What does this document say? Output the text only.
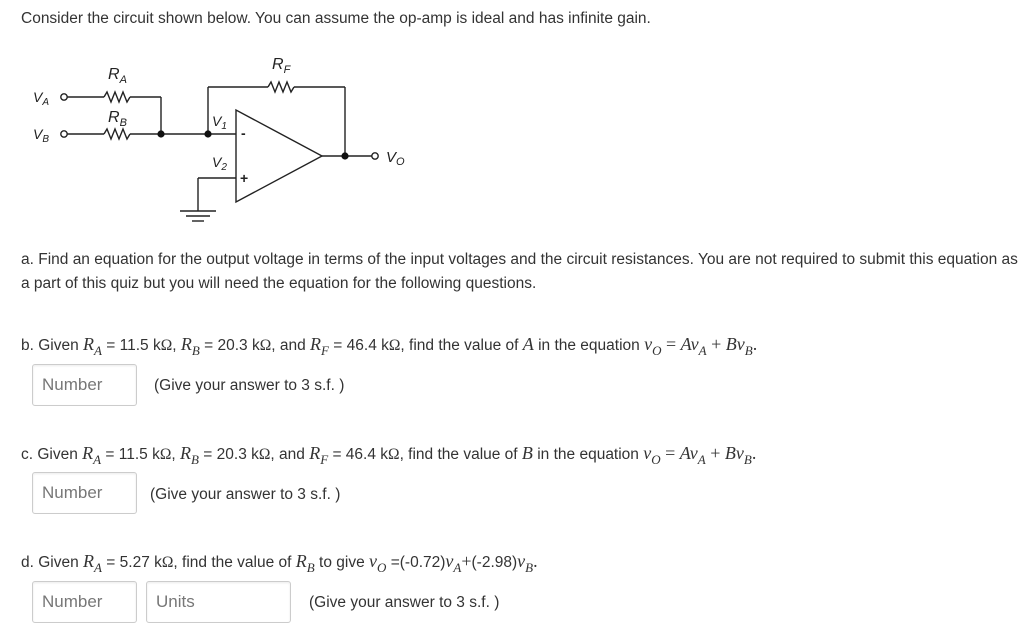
Consider the circuit shown below. You can assume the op-amp is ideal and has infinite gain.
$R_A$
$R_B$
$R_F$
$V_A$
$V_B$
$V_1$
$V_2$
$V_O$
-
+
a. Find an equation for the output voltage in terms of the input voltages and the circuit resistances. You are not required to submit this equation as a part of this quiz but you will need the equation for the following questions.
b. Given $R_A = 11.5$ kΩ, $R_B = 20.3$ kΩ, and $R_F = 46.4$ kΩ, find the value of A in the equation $v_O = Av_A + Bv_B$.
Number
(Give your answer to 3 s.f. )
c. Given $R_A = 11.5$ kΩ, $R_B = 20.3$ kΩ, and $R_F = 46.4$ kΩ, find the value of B in the equation $v_O = Av_A + Bv_B$.
Number
(Give your answer to 3 s.f. )
d. Given $R_A = 5.27$ kΩ, find the value of $R_B$ to give $v_O =(-0.72)v_A+(-2.98)v_B$.
Number
Units
(Give your answer to 3 s.f. )
